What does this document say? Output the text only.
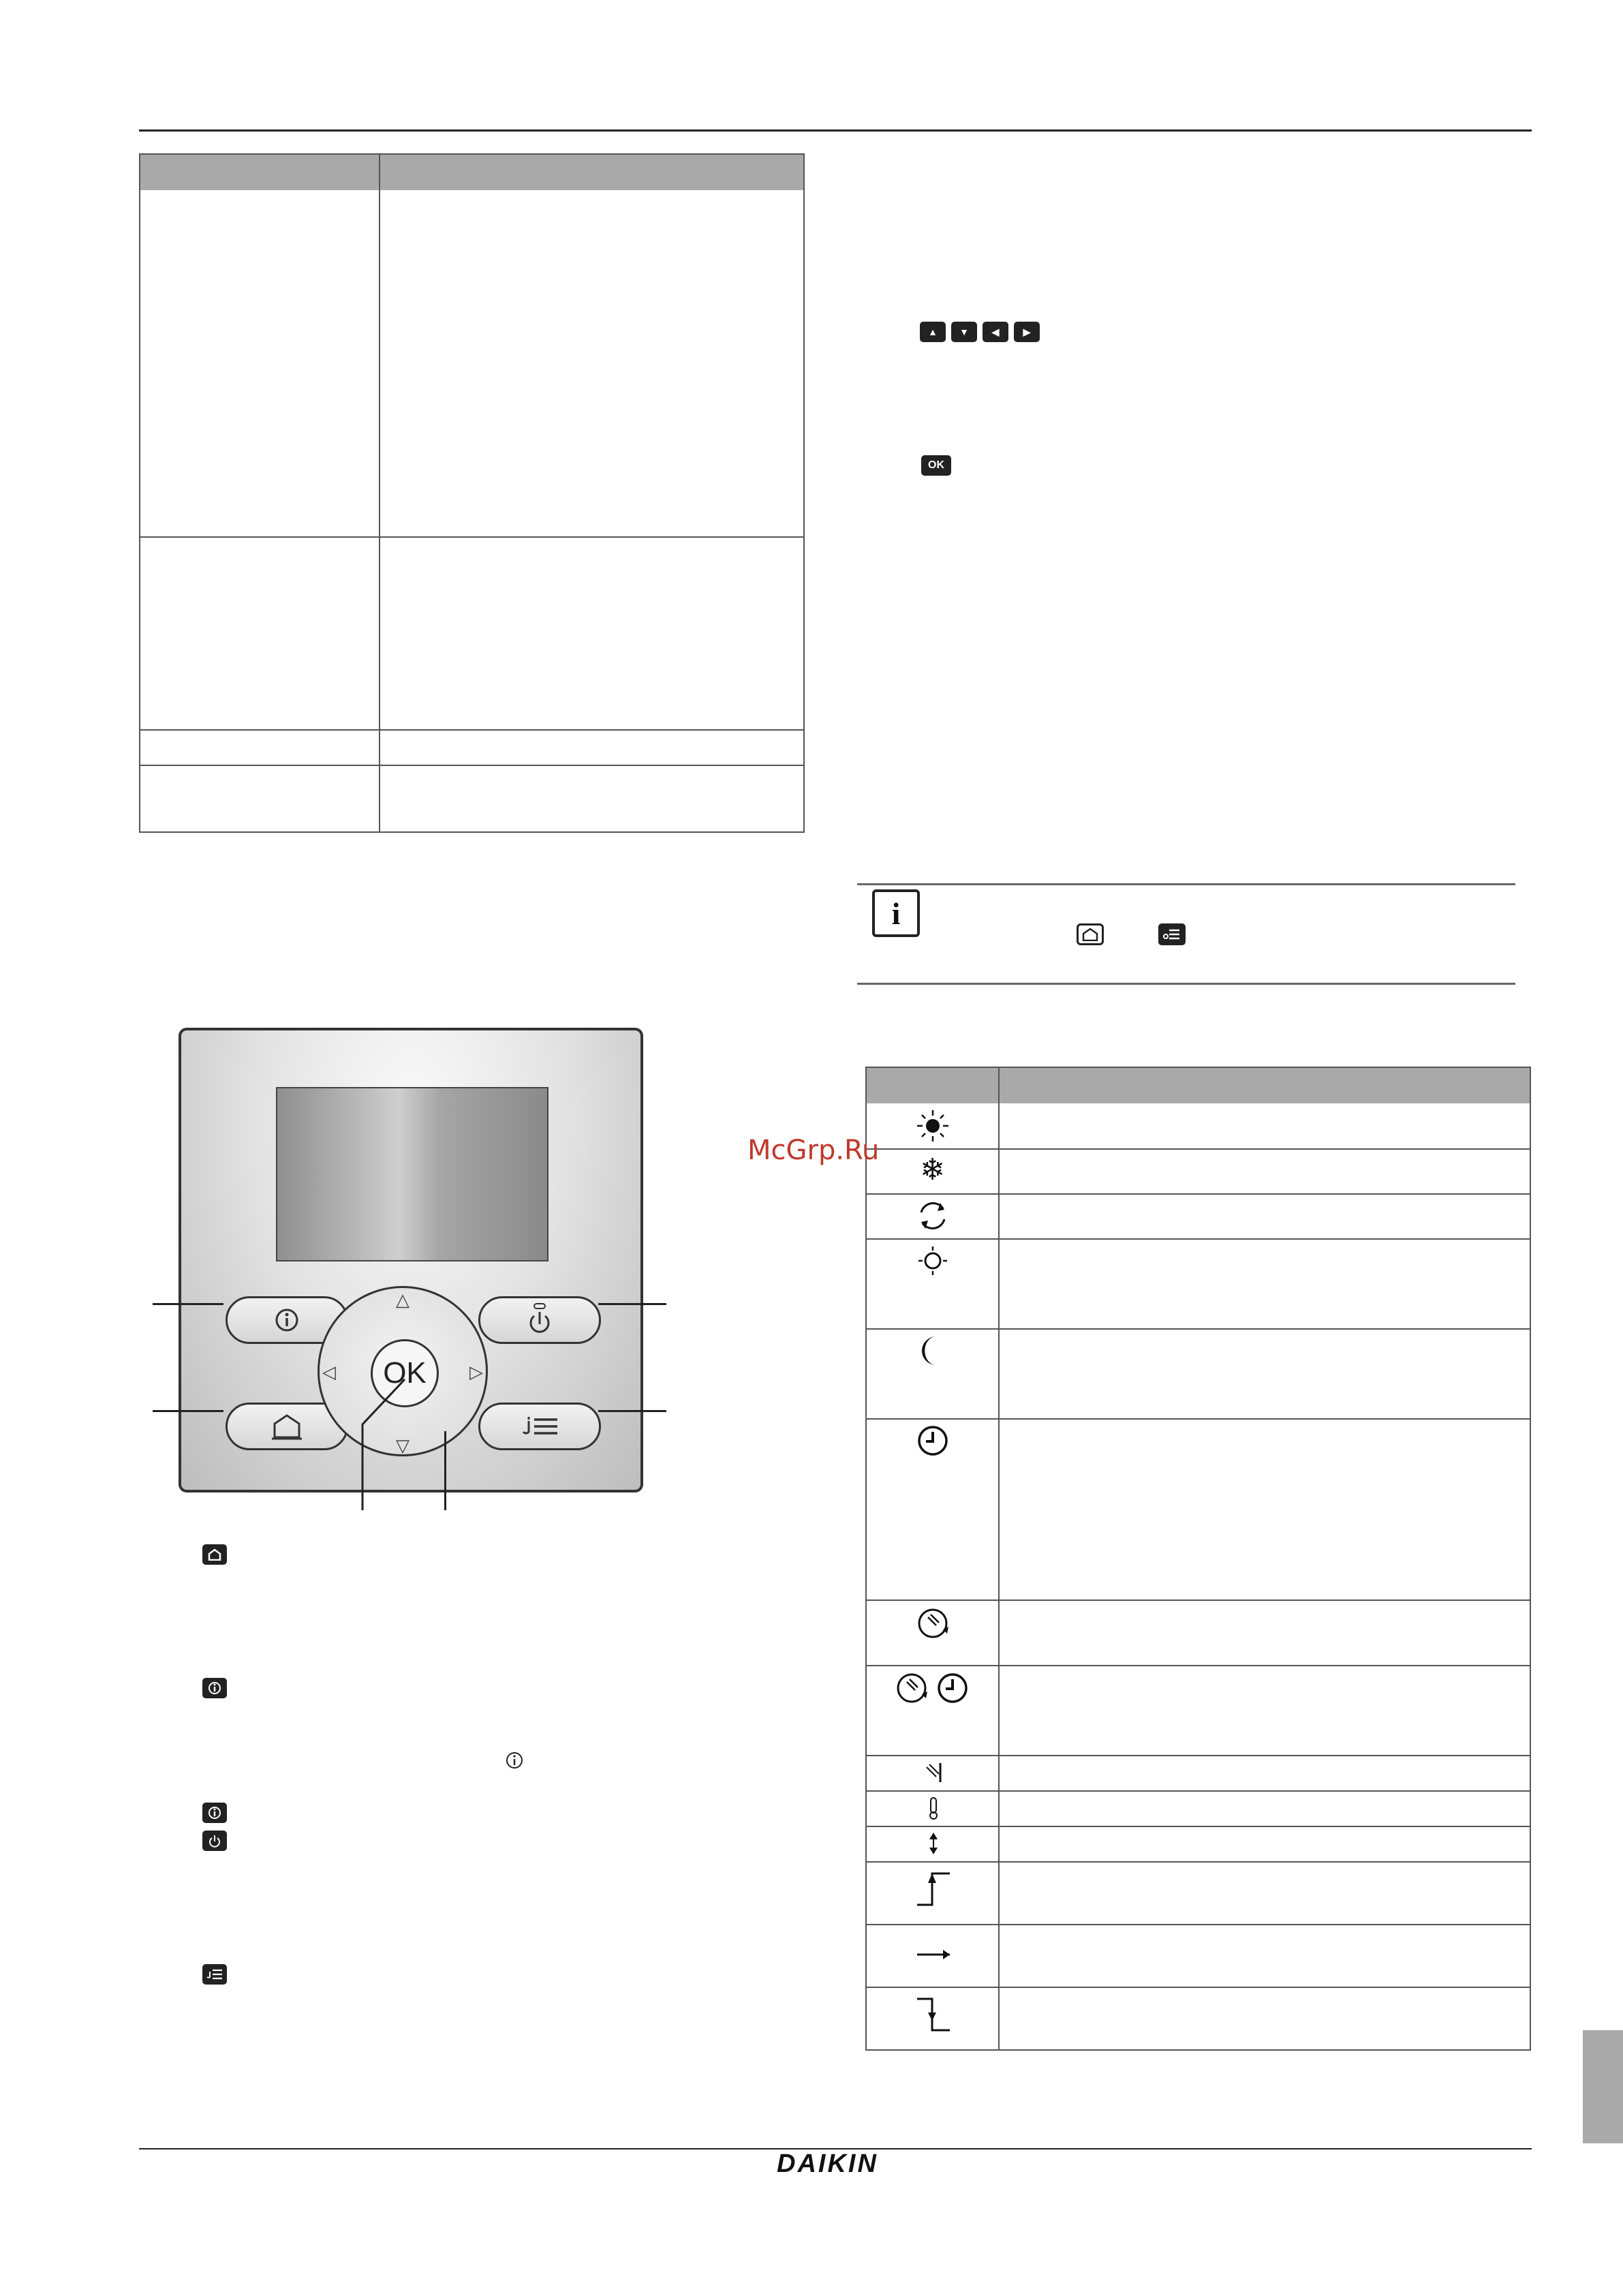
▲ ▼ ◀	▶
OK
i
△
▽
◁	▷
OK
❄
McGrp.Ru
DAIKIN
